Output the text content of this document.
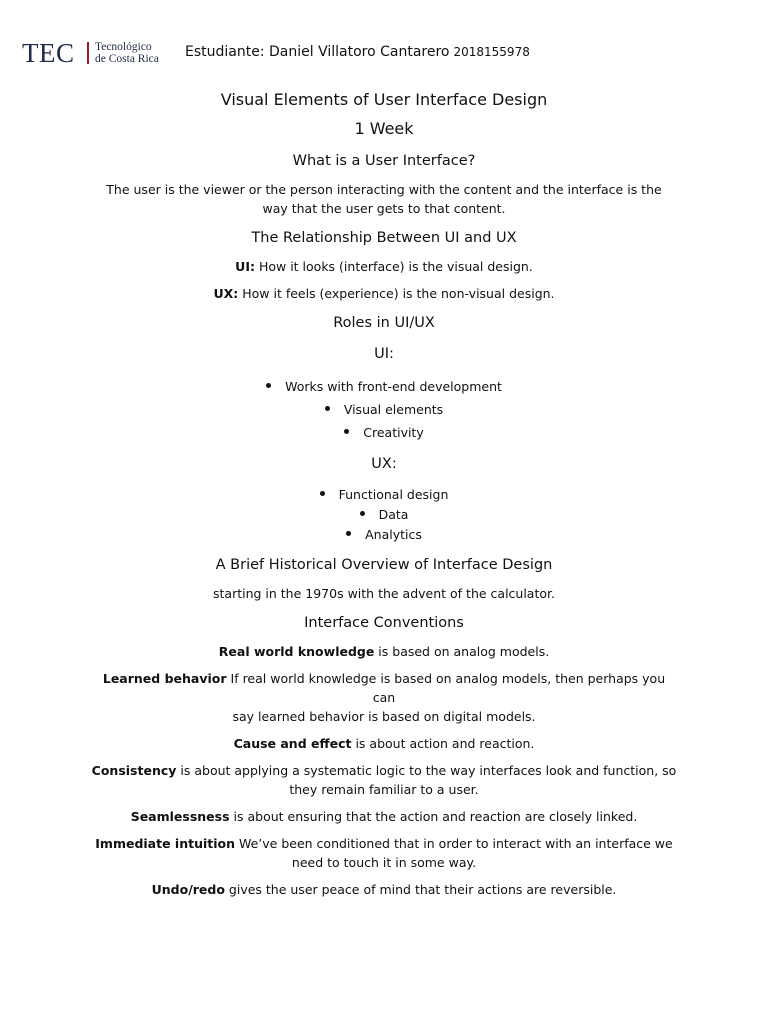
TEC Tecnológico
de Costa Rica Estudiante: Daniel Villatoro Cantarero 2018155978
Visual Elements of User Interface Design
1 Week
What is a User Interface?
The user is the viewer or the person interacting with the content and the interface is the
way that the user gets to that content.
The Relationship Between UI and UX
UI: How it looks (interface) is the visual design.
UX: How it feels (experience) is the non-visual design.
Roles in UI/UX
UI:
Works with front-end development
Visual elements
Creativity
UX:
Functional design
Data
Analytics
A Brief Historical Overview of Interface Design
starting in the 1970s with the advent of the calculator.
Interface Conventions
Real world knowledge is based on analog models.
Learned behavior If real world knowledge is based on analog models, then perhaps you can
say learned behavior is based on digital models.
Cause and effect is about action and reaction.
Consistency is about applying a systematic logic to the way interfaces look and function, so
they remain familiar to a user.
Seamlessness is about ensuring that the action and reaction are closely linked.
Immediate intuition We’ve been conditioned that in order to interact with an interface we
need to touch it in some way.
Undo/redo gives the user peace of mind that their actions are reversible.
